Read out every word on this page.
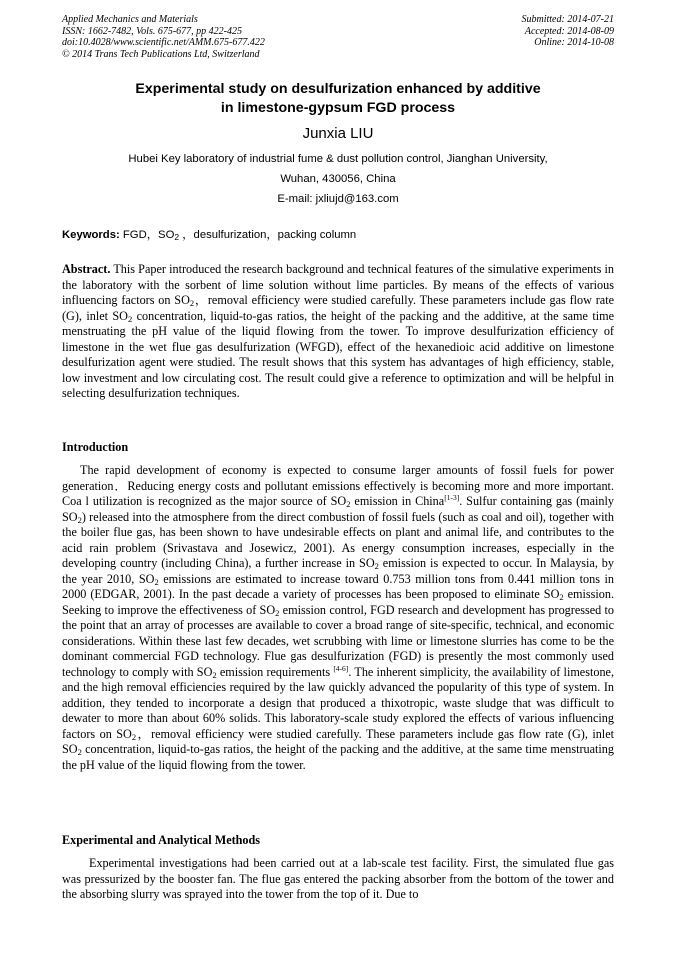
Applied Mechanics and Materials
ISSN: 1662-7482, Vols. 675-677, pp 422-425
doi:10.4028/www.scientific.net/AMM.675-677.422
© 2014 Trans Tech Publications Ltd, Switzerland
Submitted: 2014-07-21
Accepted: 2014-08-09
Online: 2014-10-08
Experimental study on desulfurization enhanced by additive
in limestone-gypsum FGD process
Junxia LIU
Hubei Key laboratory of industrial fume & dust pollution control, Jianghan University,
Wuhan, 430056, China
E-mail: jxliujd@163.com
Keywords: FGD，$SO_2$ ，desulfurization，packing column
Abstract. This Paper introduced the research background and technical features of the simulative experiments in the laboratory with the sorbent of lime solution without lime particles. By means of the effects of various influencing factors on $SO_2$，removal efficiency were studied carefully. These parameters include gas flow rate (G), inlet $SO_2$ concentration, liquid-to-gas ratios, the height of the packing and the additive, at the same time menstruating the pH value of the liquid flowing from the tower. To improve desulfurization efficiency of limestone in the wet flue gas desulfurization (WFGD), effect of the hexanedioic acid additive on limestone desulfurization agent were studied. The result shows that this system has advantages of high efficiency, stable, low investment and low circulating cost. The result could give a reference to optimization and will be helpful in selecting desulfurization techniques.
Introduction
The rapid development of economy is expected to consume larger amounts of fossil fuels for power generation．Reducing energy costs and pollutant emissions effectively is becoming more and more important. Coa l utilization is recognized as the major source of $SO_2$ emission in China[1-3]. Sulfur containing gas (mainly $SO_2$) released into the atmosphere from the direct combustion of fossil fuels (such as coal and oil), together with the boiler flue gas, has been shown to have undesirable effects on plant and animal life, and contributes to the acid rain problem (Srivastava and Josewicz, 2001). As energy consumption increases, especially in the developing country (including China), a further increase in $SO_2$ emission is expected to occur. In Malaysia, by the year 2010, $SO_2$ emissions are estimated to increase toward 0.753 million tons from 0.441 million tons in 2000 (EDGAR, 2001). In the past decade a variety of processes has been proposed to eliminate $SO_2$ emission. Seeking to improve the effectiveness of $SO_2$ emission control, FGD research and development has progressed to the point that an array of processes are available to cover a broad range of site-specific, technical, and economic considerations. Within these last few decades, wet scrubbing with lime or limestone slurries has come to be the dominant commercial FGD technology. Flue gas desulfurization (FGD) is presently the most commonly used technology to comply with $SO_2$ emission requirements [4-6]. The inherent simplicity, the availability of limestone, and the high removal efficiencies required by the law quickly advanced the popularity of this type of system. In addition, they tended to incorporate a design that produced a thixotropic, waste sludge that was difficult to dewater to more than about 60% solids. This laboratory-scale study explored the effects of various influencing factors on $SO_2$，removal efficiency were studied carefully. These parameters include gas flow rate (G), inlet $SO_2$ concentration, liquid-to-gas ratios, the height of the packing and the additive, at the same time menstruating the pH value of the liquid flowing from the tower.
Experimental and Analytical Methods
Experimental investigations had been carried out at a lab-scale test facility. First, the simulated flue gas was pressurized by the booster fan. The flue gas entered the packing absorber from the bottom of the tower and the absorbing slurry was sprayed into the tower from the top of it. Due to
